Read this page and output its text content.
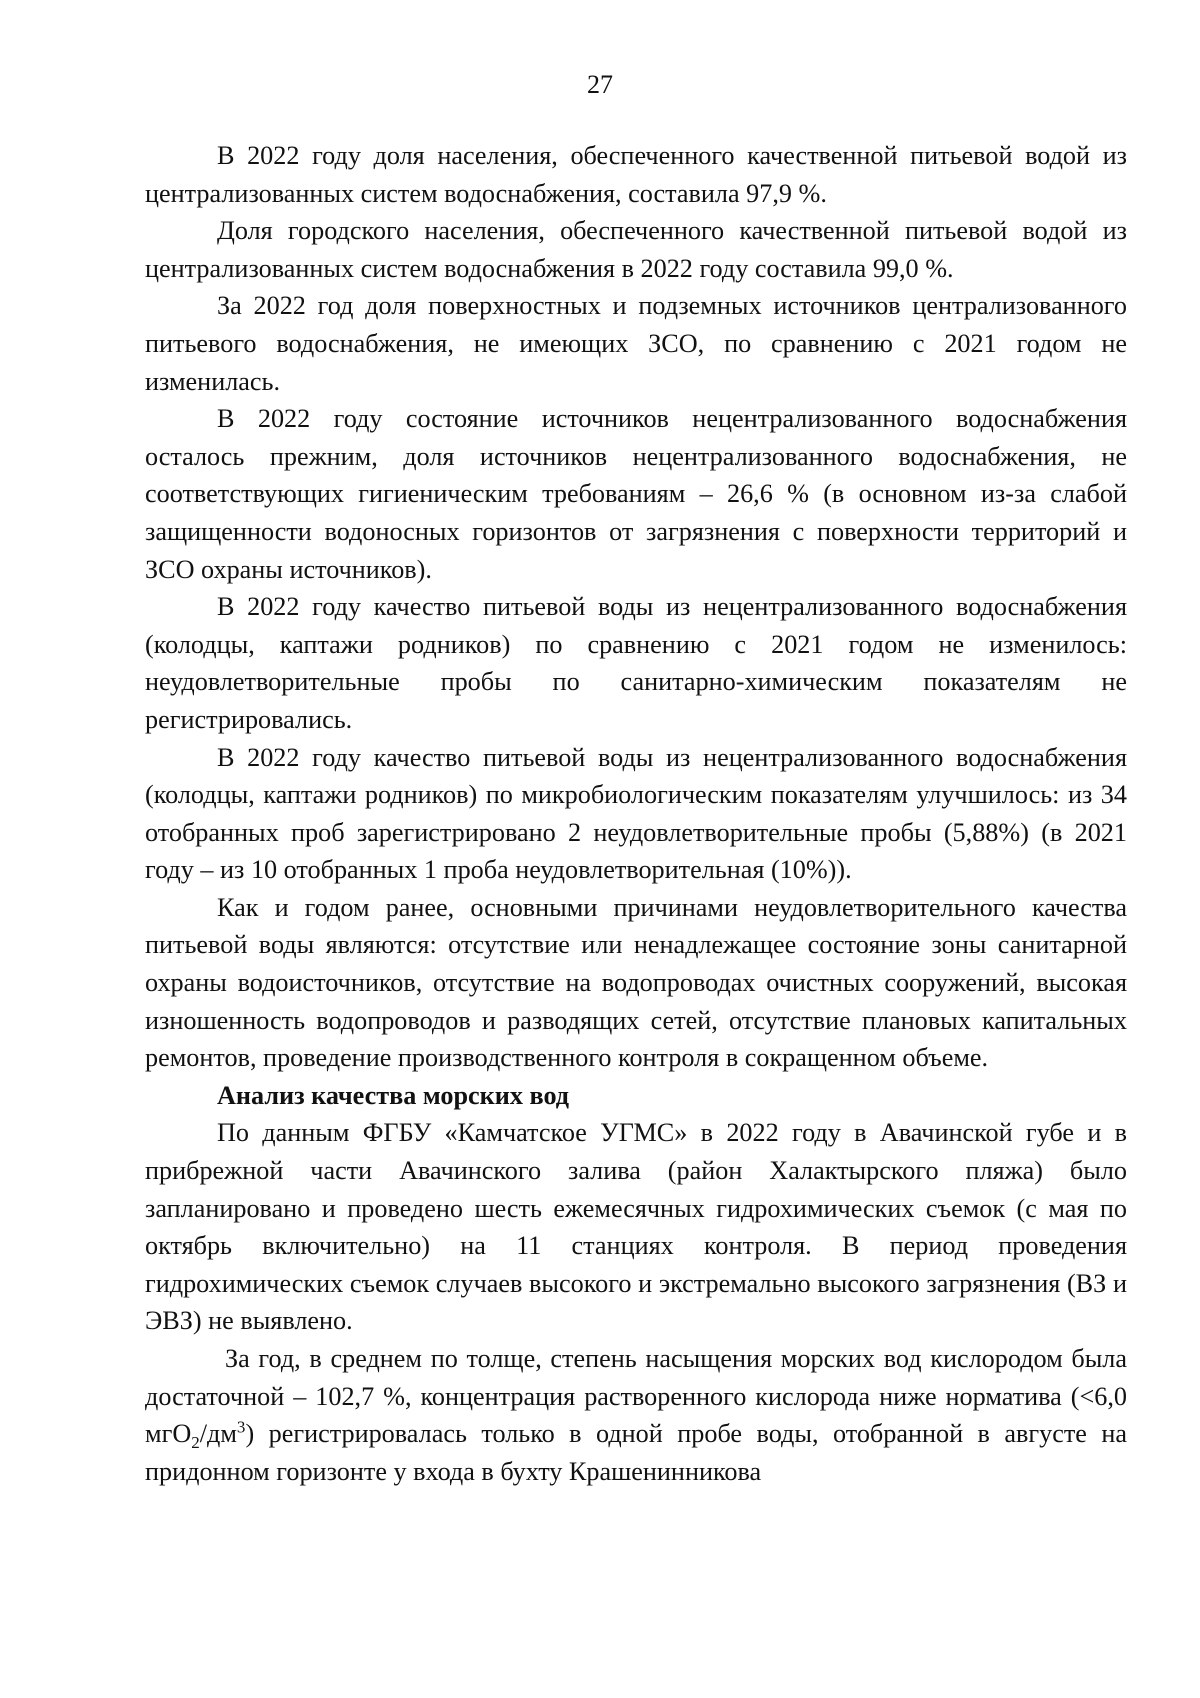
27

В 2022 году доля населения, обеспеченного качественной питьевой водой из централизованных систем водоснабжения, составила 97,9 %.

Доля городского населения, обеспеченного качественной питьевой водой из централизованных систем водоснабжения в 2022 году составила 99,0 %.

За 2022 год доля поверхностных и подземных источников централизованного питьевого водоснабжения, не имеющих ЗСО, по сравнению с 2021 годом не изменилась.

В 2022 году состояние источников нецентрализованного водоснабжения осталось прежним, доля источников нецентрализованного водоснабжения, не соответствующих гигиеническим требованиям – 26,6 % (в основном из-за слабой защищенности водоносных горизонтов от загрязнения с поверхности территорий и ЗСО охраны источников).

В 2022 году качество питьевой воды из нецентрализованного водоснабжения (колодцы, каптажи родников) по сравнению с 2021 годом не изменилось: неудовлетворительные пробы по санитарно-химическим показателям не регистрировались.

В 2022 году качество питьевой воды из нецентрализованного водоснабжения (колодцы, каптажи родников) по микробиологическим показателям улучшилось: из 34 отобранных проб зарегистрировано 2 неудовлетворительные пробы (5,88%) (в 2021 году – из 10 отобранных 1 проба неудовлетворительная (10%)).

Как и годом ранее, основными причинами неудовлетворительного качества питьевой воды являются: отсутствие или ненадлежащее состояние зоны санитарной охраны водоисточников, отсутствие на водопроводах очистных сооружений, высокая изношенность водопроводов и разводящих сетей, отсутствие плановых капитальных ремонтов, проведение производственного контроля в сокращенном объеме.

Анализ качества морских вод

По данным ФГБУ «Камчатское УГМС» в 2022 году в Авачинской губе и в прибрежной части Авачинского залива (район Халактырского пляжа) было запланировано и проведено шесть ежемесячных гидрохимических съемок (с мая по октябрь включительно) на 11 станциях контроля. В период проведения гидрохимических съемок случаев высокого и экстремально высокого загрязнения (ВЗ и ЭВЗ) не выявлено.

За год, в среднем по толще, степень насыщения морских вод кислородом была достаточной – 102,7 %, концентрация растворенного кислорода ниже норматива (<6,0 $мгО_2/дм^3$) регистрировалась только в одной пробе воды, отобранной в августе на придонном горизонте у входа в бухту Крашенинникова
